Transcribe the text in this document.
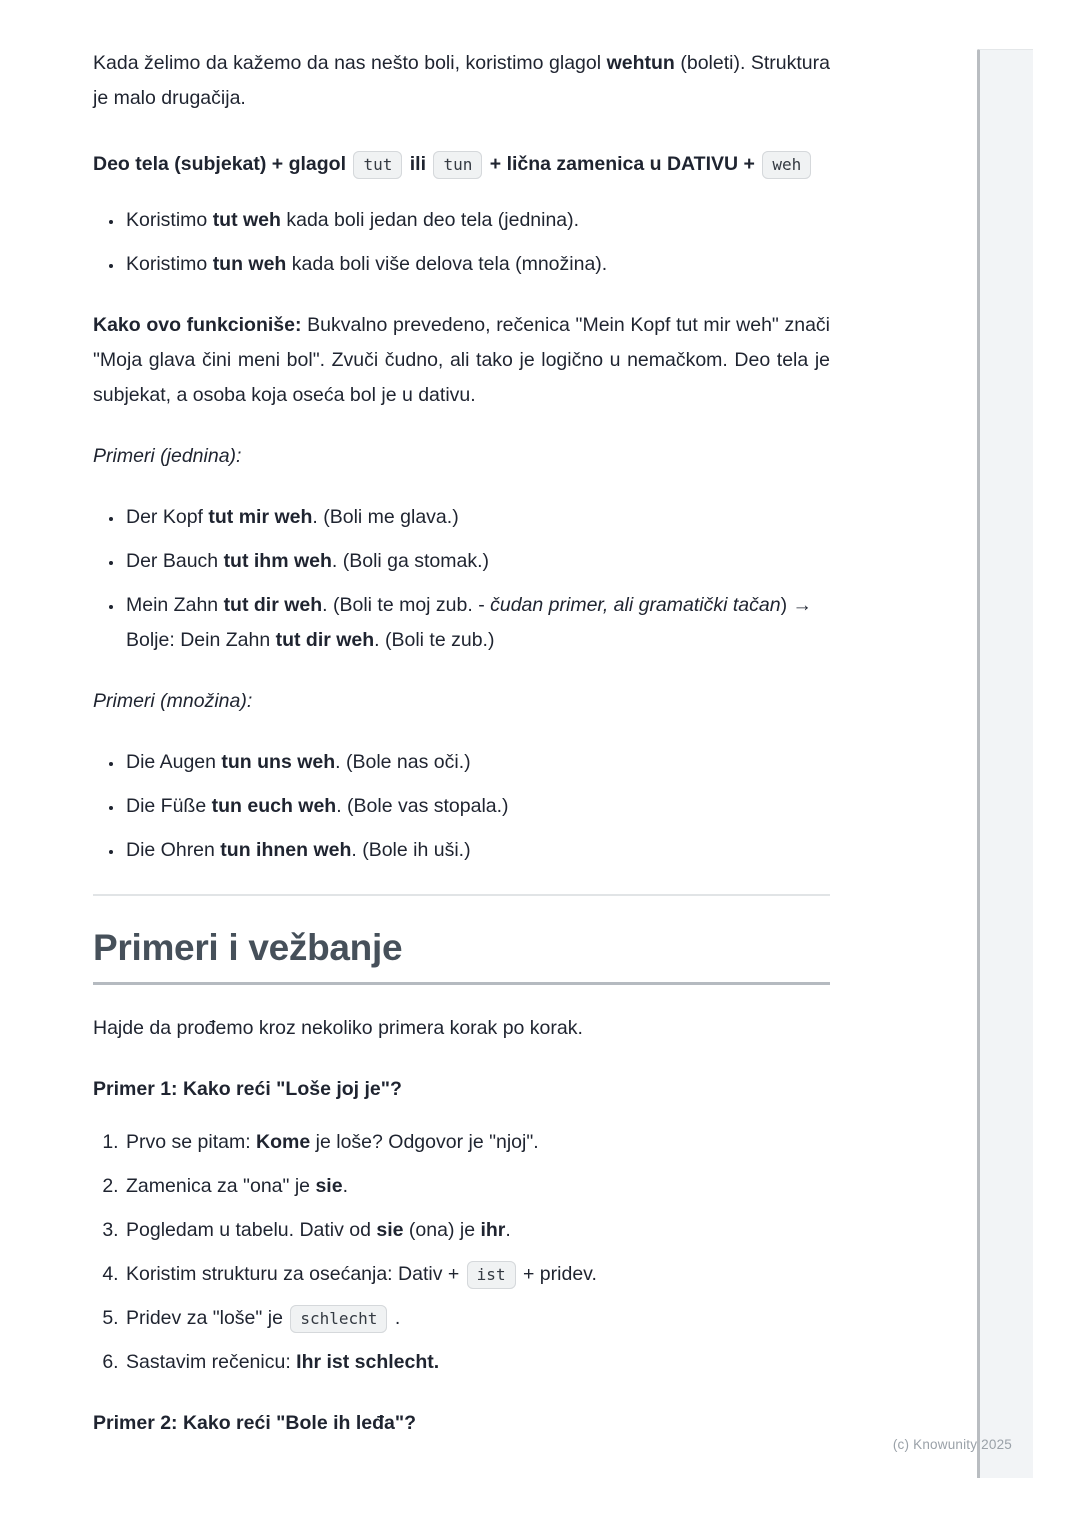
Kada želimo da kažemo da nas nešto boli, koristimo glagol wehtun (boleti). Struktura je malo drugačija.

Deo tela (subjekat) + glagol tut ili tun + lična zamenica u DATIVU + weh

• Koristimo tut weh kada boli jedan deo tela (jednina).
• Koristimo tun weh kada boli više delova tela (množina).

Kako ovo funkcioniše: Bukvalno prevedeno, rečenica "Mein Kopf tut mir weh" znači "Moja glava čini meni bol". Zvuči čudno, ali tako je logično u nemačkom. Deo tela je subjekat, a osoba koja oseća bol je u dativu.

Primeri (jednina):

• Der Kopf tut mir weh. (Boli me glava.)
• Der Bauch tut ihm weh. (Boli ga stomak.)
• Mein Zahn tut dir weh. (Boli te moj zub. - čudan primer, ali gramatički tačan) → Bolje: Dein Zahn tut dir weh. (Boli te zub.)

Primeri (množina):

• Die Augen tun uns weh. (Bole nas oči.)
• Die Füße tun euch weh. (Bole vas stopala.)
• Die Ohren tun ihnen weh. (Bole ih uši.)
Primeri i vežbanje

Hajde da prođemo kroz nekoliko primera korak po korak.

Primer 1: Kako reći "Loše joj je"?
1. Prvo se pitam: Kome je loše? Odgovor je "njoj".
2. Zamenica za "ona" je sie.
3. Pogledam u tabelu. Dativ od sie (ona) je ihr.
4. Koristim strukturu za osećanja: Dativ + ist + pridev.
5. Pridev za "loše" je schlecht .
6. Sastavim rečenicu: Ihr ist schlecht.
Primer 2: Kako reći "Bole ih leđa"?
(c) Knowunity 2025
